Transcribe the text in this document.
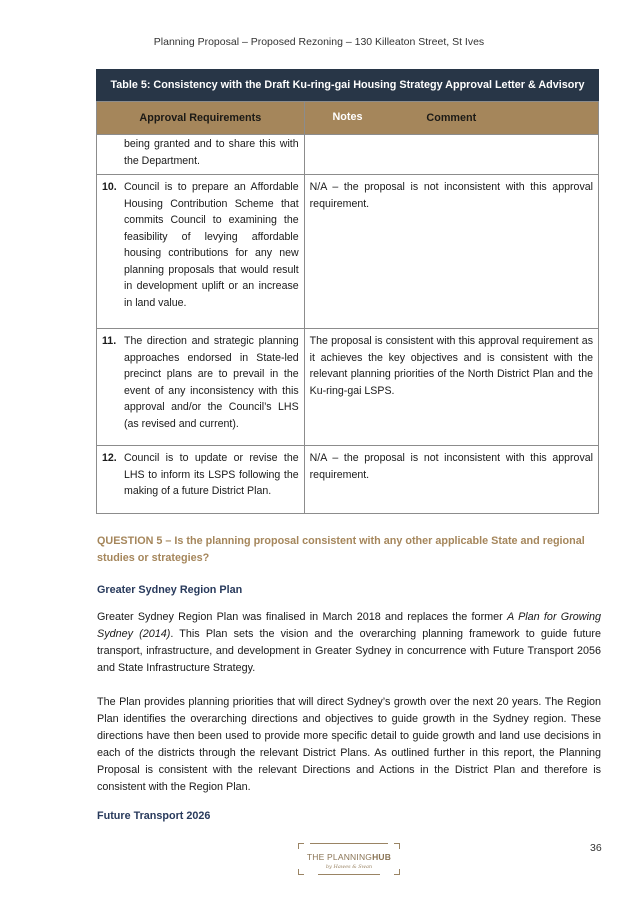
Planning Proposal – Proposed Rezoning – 130 Killeaton Street, St Ives
Table 5: Consistency with the Draft Ku-ring-gai Housing Strategy Approval Letter & Advisory Notes
Approval Requirements	Comment
being granted and to share this with the Department.	

10. Council is to prepare an Affordable Housing Contribution Scheme that commits Council to examining the feasibility of levying affordable housing contributions for any new planning proposals that would result in development uplift or an increase in land value.	N/A – the proposal is not inconsistent with this approval requirement.

11. The direction and strategic planning approaches endorsed in State-led precinct plans are to prevail in the event of any inconsistency with this approval and/or the Council’s LHS (as revised and current).	The proposal is consistent with this approval requirement as it achieves the key objectives and is consistent with the relevant planning priorities of the North District Plan and the Ku-ring-gai LSPS.

12. Council is to update or revise the LHS to inform its LSPS following the making of a future District Plan.	N/A – the proposal is not inconsistent with this approval requirement.
QUESTION 5 – Is the planning proposal consistent with any other applicable State and regional studies or strategies?
Greater Sydney Region Plan
Greater Sydney Region Plan was finalised in March 2018 and replaces the former A Plan for Growing Sydney (2014). This Plan sets the vision and the overarching planning framework to guide future transport, infrastructure, and development in Greater Sydney in concurrence with Future Transport 2056 and State Infrastructure Strategy.
The Plan provides planning priorities that will direct Sydney’s growth over the next 20 years. The Region Plan identifies the overarching directions and objectives to guide growth in the Sydney region. These directions have then been used to provide more specific detail to guide growth and land use decisions in each of the districts through the relevant District Plans. As outlined further in this report, the Planning Proposal is consistent with the relevant Directions and Actions in the District Plan and therefore is consistent with the Region Plan.
Future Transport 2026
36
THE PLANNINGHUB
by Hawes & Swan
